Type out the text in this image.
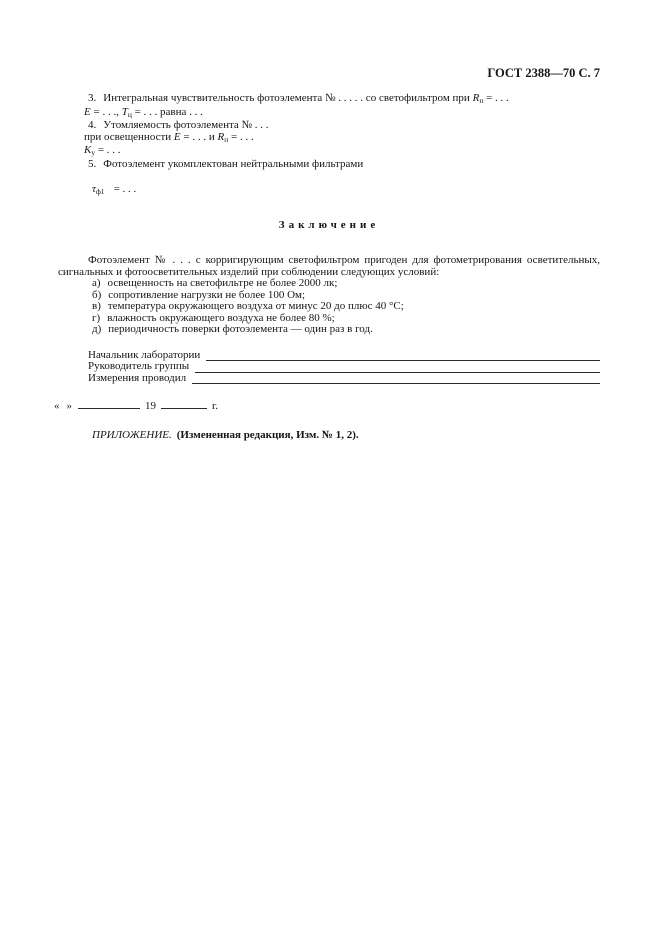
ГОСТ 2388—70 С. 7
3. Интегральная чувствительность фотоэлемента № . . . . . со светофильтром при $R_п$ = . . .
E = . . ., $T_ц$ = . . . равна . . .
4. Утомляемость фотоэлемента № . . .
при освещенности E = . . . и $R_п$ = . . .
$K_у$ = . . .
5. Фотоэлемент укомплектован нейтральными фильтрами
$\tau_{ф1}$ = . . .
Заключение
Фотоэлемент № . . . с корригирующим светофильтром пригоден для фотометрирования осветительных, сигнальных и фотоосветительных изделий при соблюдении следующих условий:
а) освещенность на светофильтре не более 2000 лк;
б) сопротивление нагрузки не более 100 Ом;
в) температура окружающего воздуха от минус 20 до плюс 40 °С;
г) влажность окружающего воздуха не более 80 %;
д) периодичность поверки фотоэлемента — один раз в год.
Начальник лаборатории
Руководитель группы
Измерения проводил
« »	19	г.
ПРИЛОЖЕНИЕ. (Измененная редакция, Изм. № 1, 2).
